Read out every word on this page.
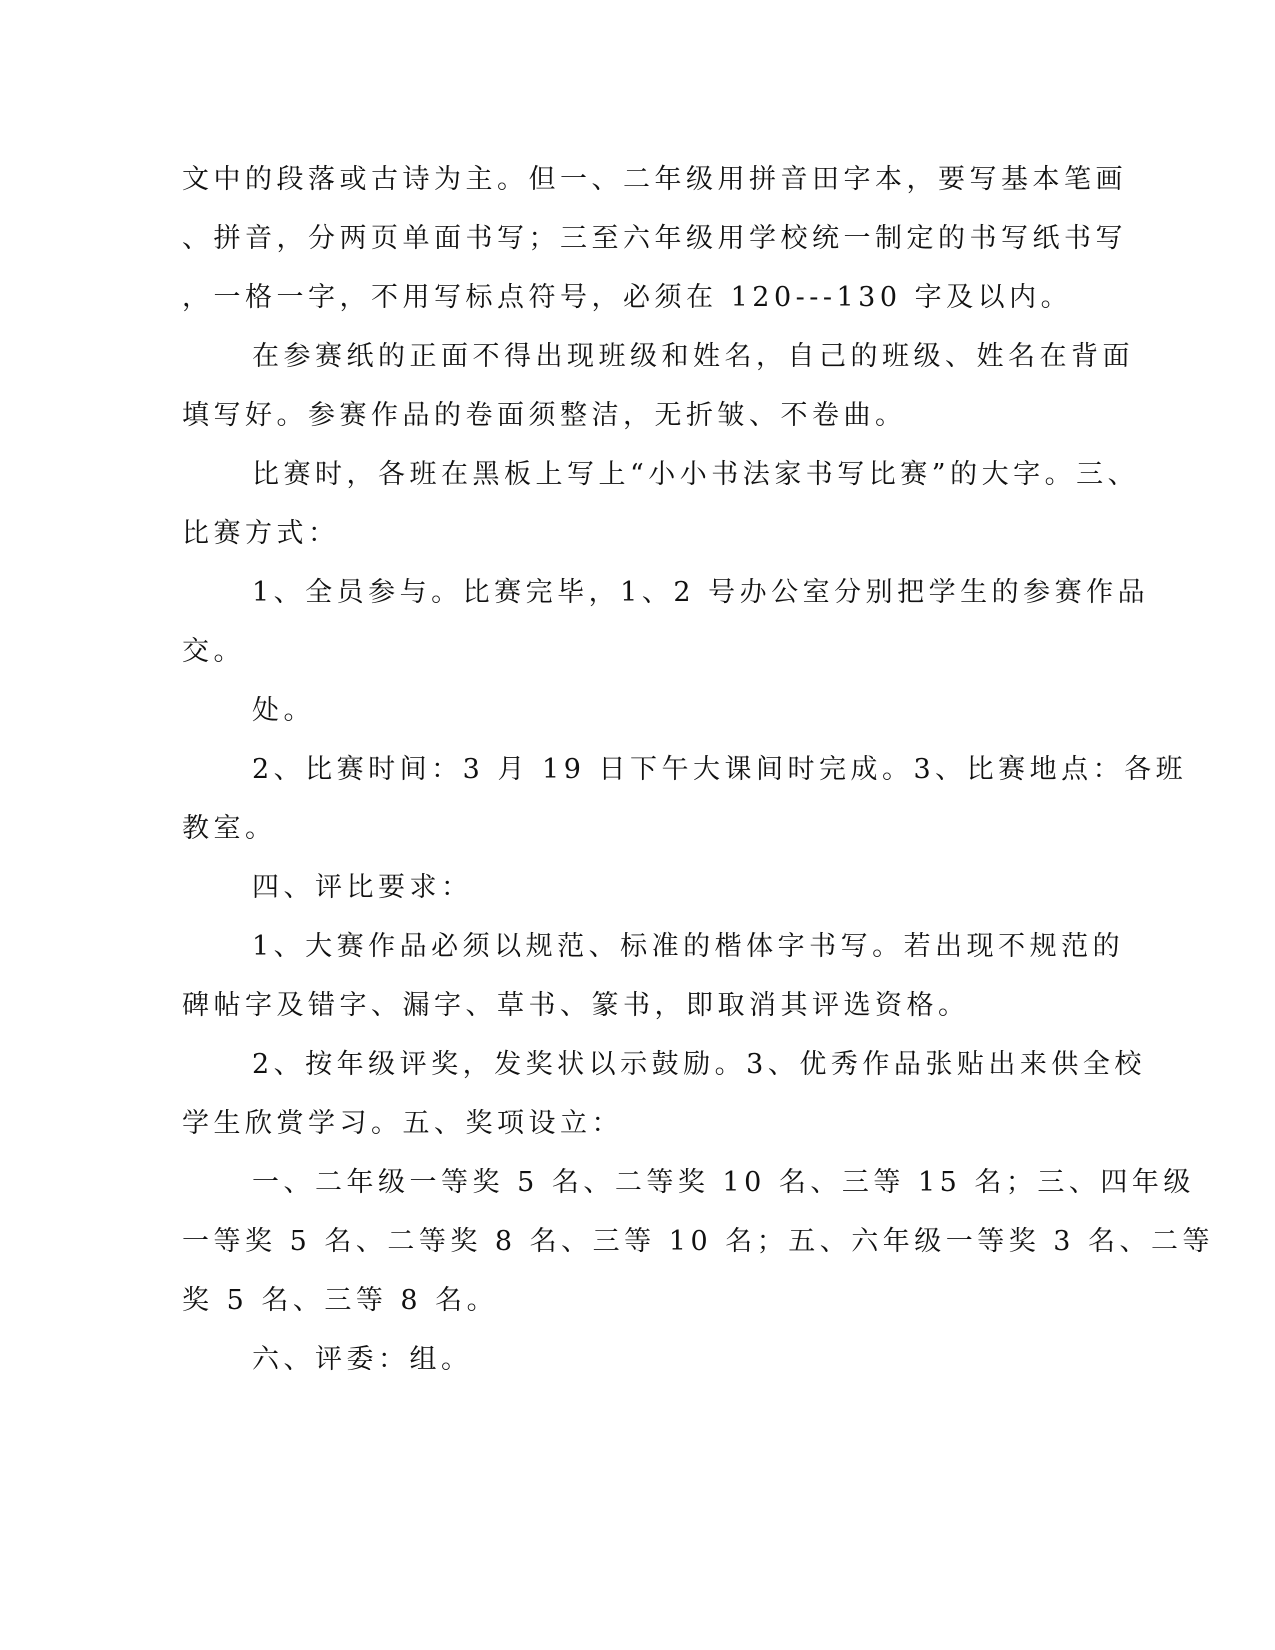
文中的段落或古诗为主。但一、二年级用拼音田字本，要写基本笔画
、拼音，分两页单面书写；三至六年级用学校统一制定的书写纸书写
，一格一字，不用写标点符号，必须在 120---130 字及以内。
在参赛纸的正面不得出现班级和姓名，自己的班级、姓名在背面
填写好。参赛作品的卷面须整洁，无折皱、不卷曲。
比赛时，各班在黑板上写上“小小书法家书写比赛”的大字。三、
比赛方式：
1、全员参与。比赛完毕，1、2 号办公室分别把学生的参赛作品
交。
处。
2、比赛时间：3 月 19 日下午大课间时完成。3、比赛地点：各班
教室。
四、评比要求：
1、大赛作品必须以规范、标准的楷体字书写。若出现不规范的
碑帖字及错字、漏字、草书、篆书，即取消其评选资格。
2、按年级评奖，发奖状以示鼓励。3、优秀作品张贴出来供全校
学生欣赏学习。五、奖项设立：
一、二年级一等奖 5 名、二等奖 10 名、三等 15 名；三、四年级
一等奖 5 名、二等奖 8 名、三等 10 名；五、六年级一等奖 3 名、二等
奖 5 名、三等 8 名。
六、评委：组。
